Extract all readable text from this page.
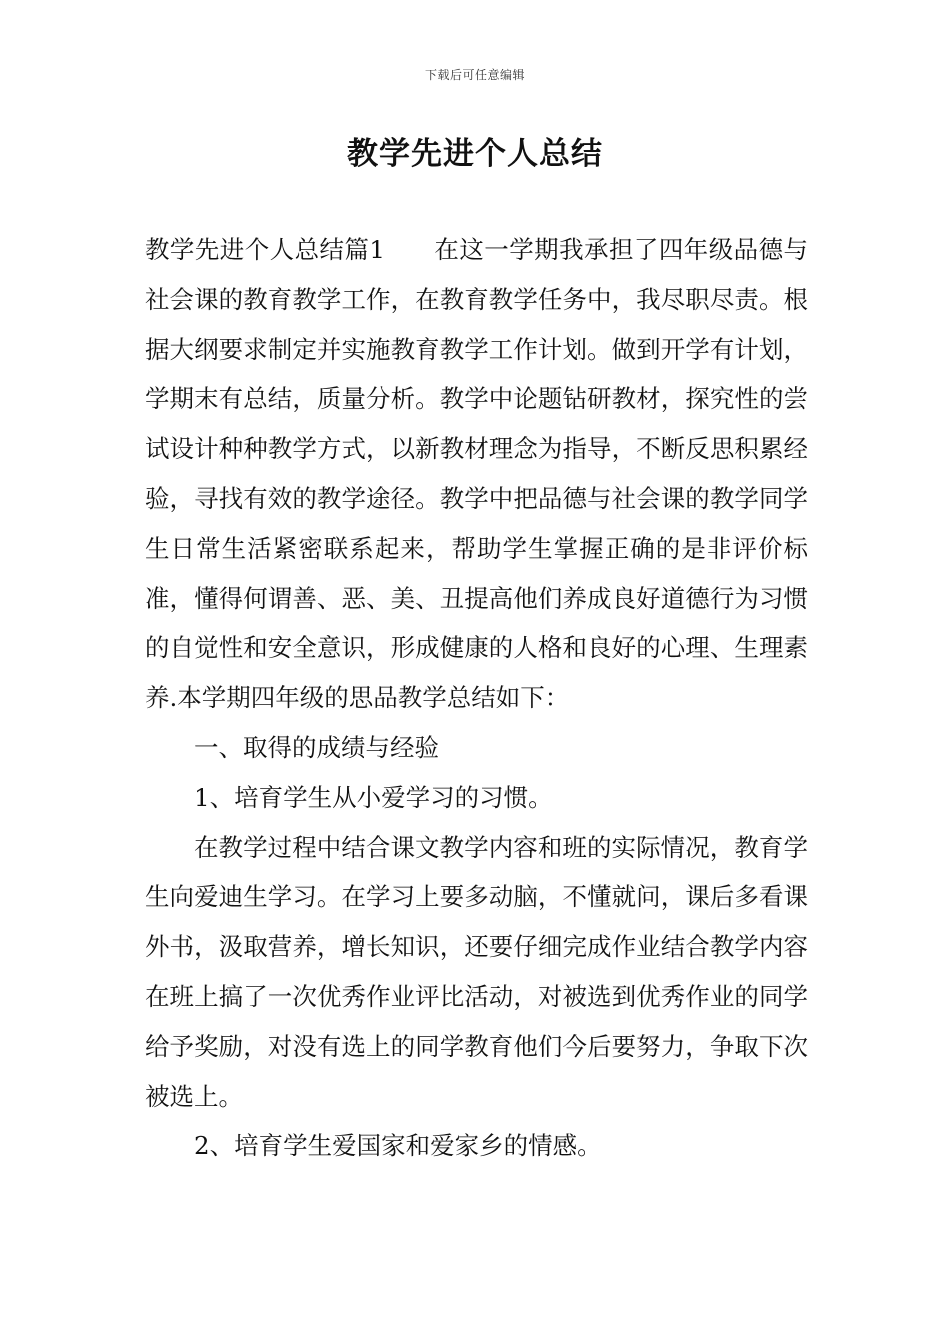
下载后可任意编辑
教学先进个人总结

教学先进个人总结篇1 在这一学期我承担了四年级品德与社会课的教育教学工作，在教育教学任务中，我尽职尽责。根据大纲要求制定并实施教育教学工作计划。做到开学有计划，学期末有总结，质量分析。教学中论题钻研教材，探究性的尝试设计种种教学方式，以新教材理念为指导，不断反思积累经验，寻找有效的教学途径。教学中把品德与社会课的教学同学生日常生活紧密联系起来，帮助学生掌握正确的是非评价标准，懂得何谓善、恶、美、丑提高他们养成良好道德行为习惯的自觉性和安全意识，形成健康的人格和良好的心理、生理素养.本学期四年级的思品教学总结如下：

一、取得的成绩与经验

1、培育学生从小爱学习的习惯。

在教学过程中结合课文教学内容和班的实际情况，教育学生向爱迪生学习。在学习上要多动脑，不懂就问，课后多看课外书，汲取营养，增长知识，还要仔细完成作业结合教学内容在班上搞了一次优秀作业评比活动，对被选到优秀作业的同学给予奖励，对没有选上的同学教育他们今后要努力，争取下次被选上。

2、培育学生爱国家和爱家乡的情感。
